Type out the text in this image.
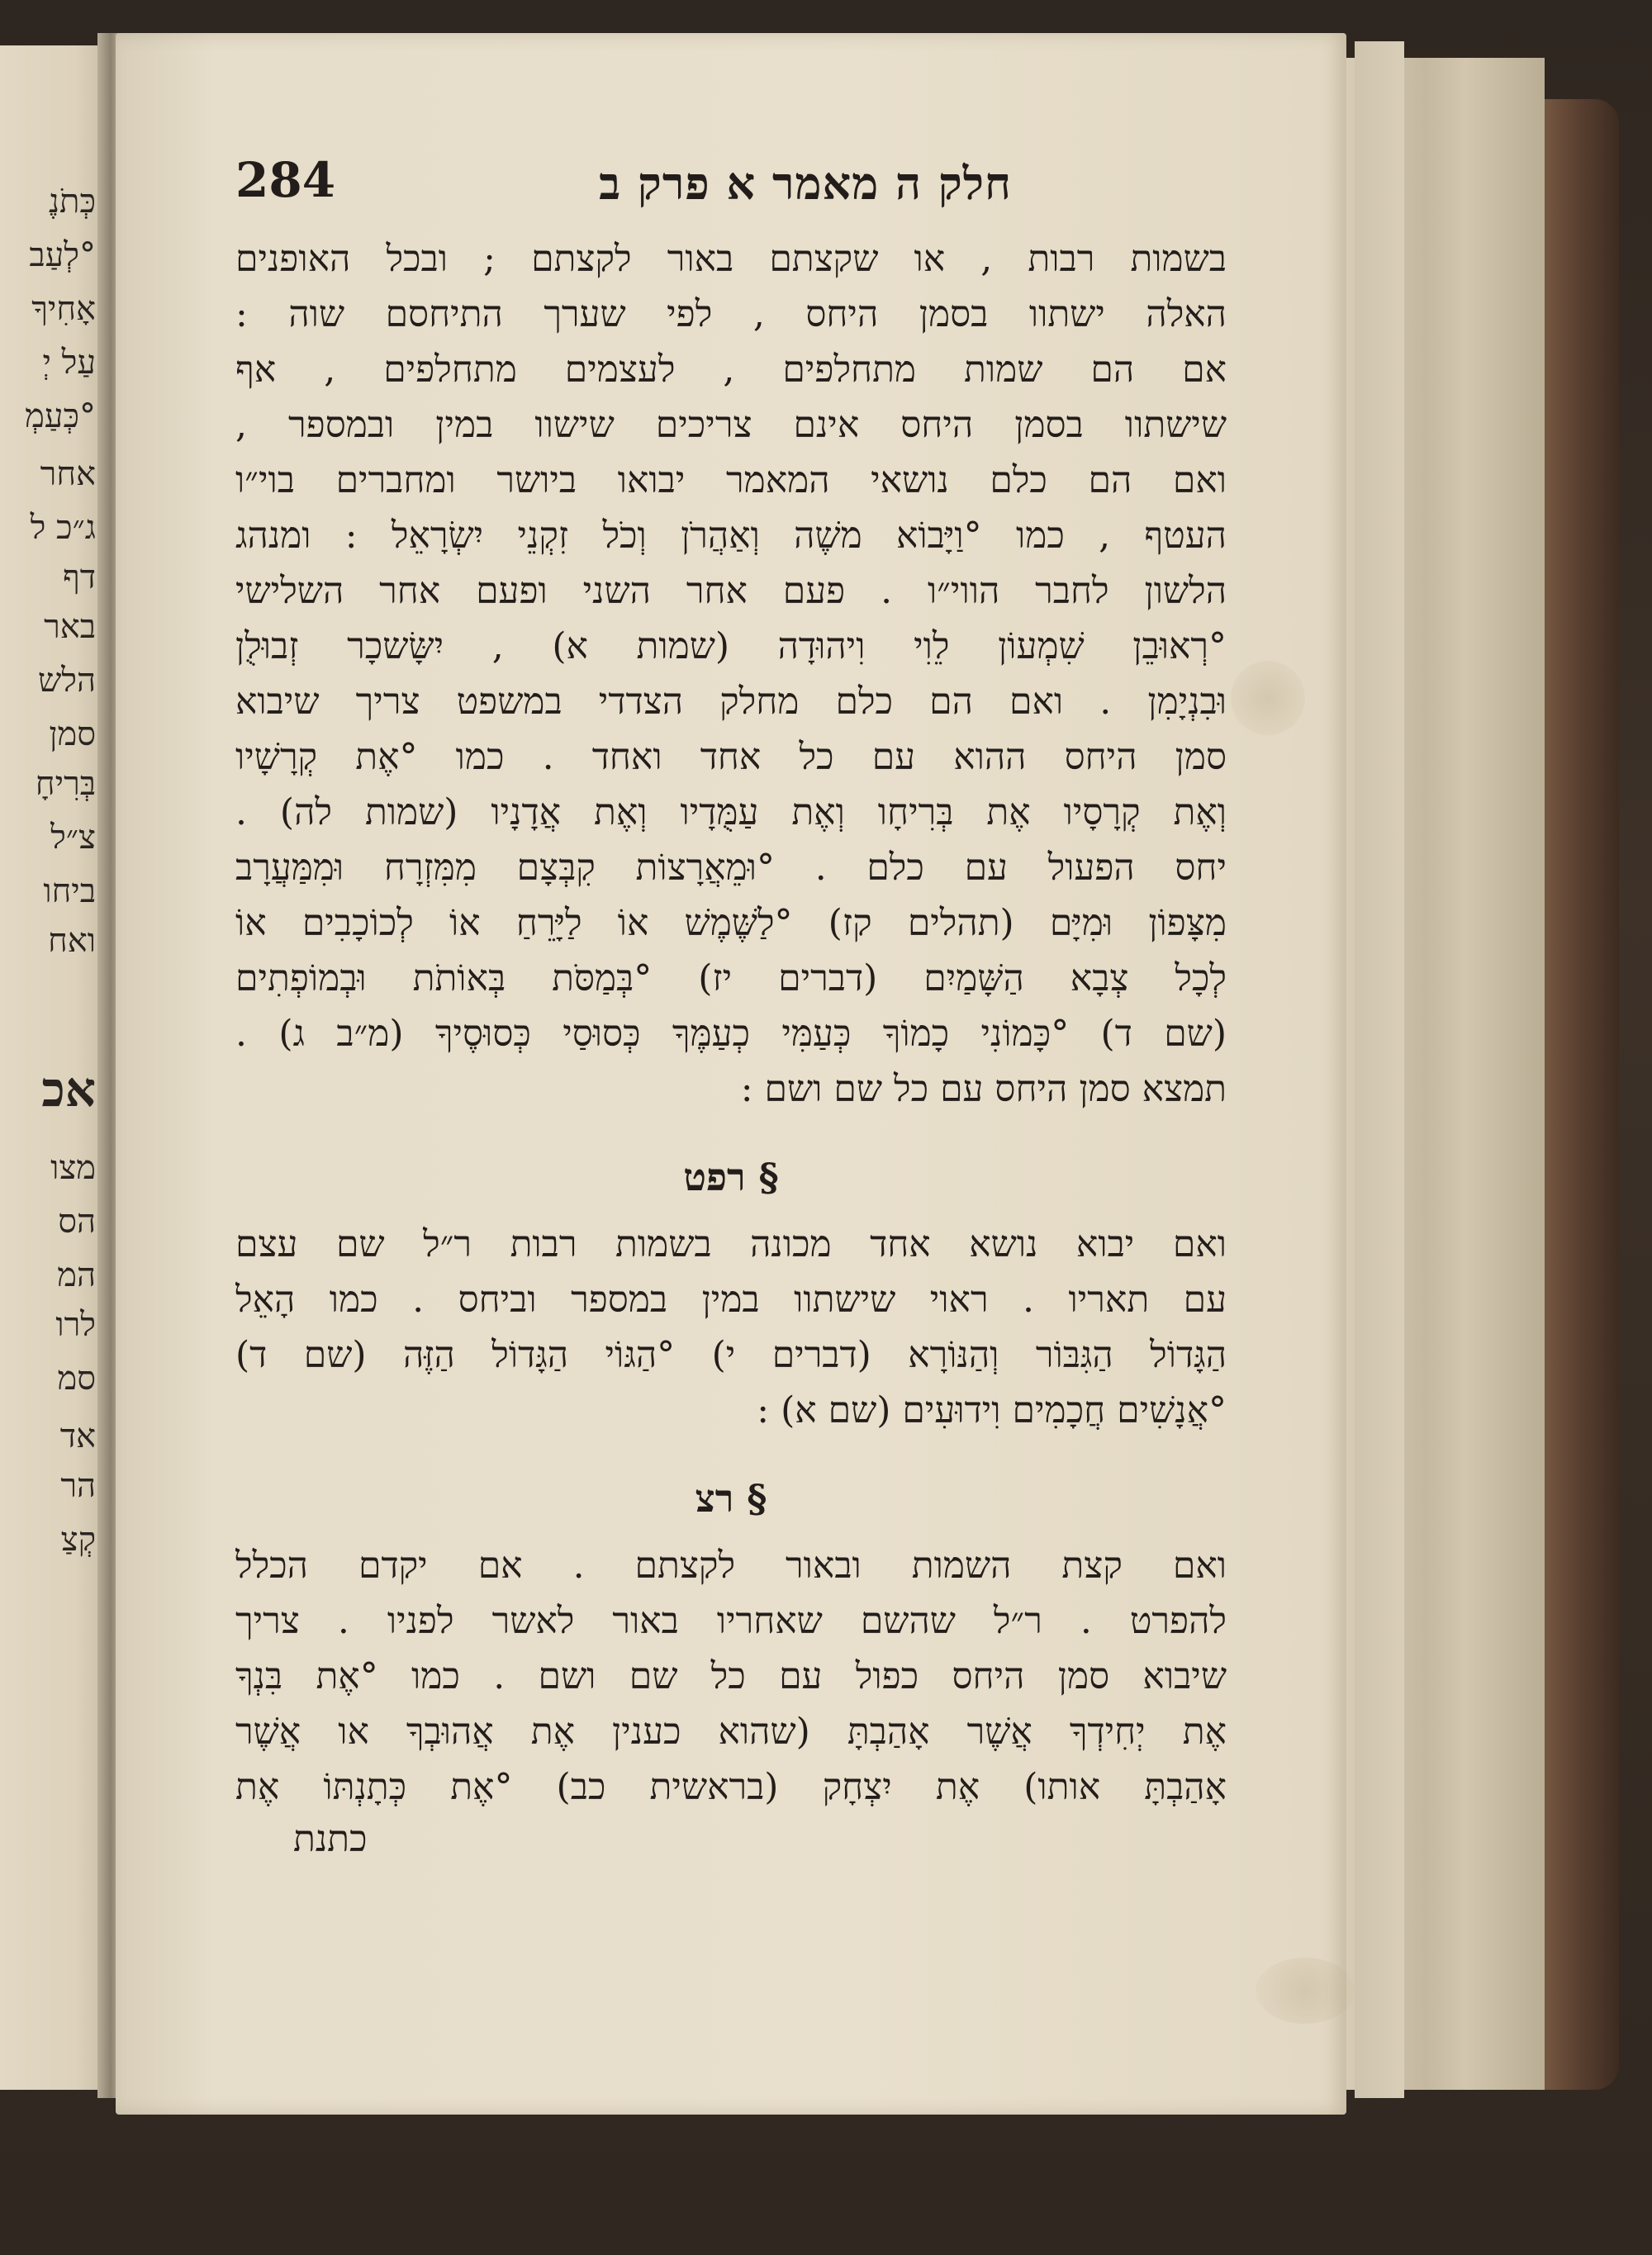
כְּתֹנֶ
°לְעַב
אָחִיךָ
עַל יְ
°כְּעַמְ
אחר
ג״כ ל
דף
באר
הלש
סמן
בְּרִיחָ
צ״ל
ביחו
ואח
אכ
מצו
הס
המ
לרו
סמ
אד
הר
קְצַ
חלק ה מאמר א פרק ב
284
בשמות רבות , או שקצתם באור לקצתם ; ובכל האופנים
האלה ישתוו בסמן היחס , לפי שערך התיחסם שוה :
אם הם שמות מתחלפים , לעצמים מתחלפים , אף
שישתוו בסמן היחס אינם צריכים שישוו במין ובמספר ,
ואם הם כלם נושאי המאמר יבואו ביושר ומחברים בוי״ו
העטף , כמו °וַיָּבוֹא משֶׁה וְאַהֲרֹן וְכֹל זִקְנֵי יִשְׂרָאֵל : ומנהג
הלשון לחבר הווי״ו . פעם אחר השני ופעם אחר השלישי
°רְאוּבֵן שִׁמְעוֹן לֵוִי וִיהוּדָה (שמות א) , יִשָּׂשכָר זְבוּלֻן
וּבִנְיָמִן . ואם הם כלם מחלק הצדדי במשפט צריך שיבוא
סמן היחס ההוא עם כל אחד ואחד . כמו °אֶת קְרָשָׁיו
וְאֶת קְרָסָיו אֶת בְּרִיחָו וְאֶת עַמֻּדָיו וְאֶת אֲדָנָיו (שמות לה) .
יחס הפעול עם כלם . °וּמֵאֲרָצוֹת קִבְּצָם מִמִּזְרָח וּמִמַּעֲרָב
מִצָּפוֹן וּמִיָּם (תהלים קז) °לַשֶּׁמֶשׁ אוֹ לַיָּרֵחַ אוֹ לְכוֹכָבִים אוֹ
לְכָל צְבָא הַשָּׁמַיִם (דברים יז) °בְּמַסֹּת בְּאוֹתֹת וּבְמוֹפְתִים
(שם ד) °כָּמוֹנִי כָמוֹךָ כְּעַמִּי כְעַמֶּךָ כְּסוּסַי כְּסוּסֶיךָ (מ״ב ג) .
תמצא סמן היחס עם כל שם ושם :
§ רפט
ואם יבוא נושא אחד מכונה בשמות רבות ר״ל שם עצם
עם תאריו . ראוי שישתוו במין במספר וביחס . כמו הָאֵל
הַגָּדוֹל הַגִּבּוֹר וְהַנּוֹרָא (דברים י) °הַגּוֹי הַגָּדוֹל הַזֶּה (שם ד)
°אֲנָשִׁים חֲכָמִים וִידוּעִים (שם א) :
§ רצ
ואם קצת השמות ובאור לקצתם . אם יקדם הכלל
להפרט . ר״ל שהשם שאחריו באור לאשר לפניו . צריך
שיבוא סמן היחס כפול עם כל שם ושם . כמו °אֶת בִּנְךָ
אֶת יְחִידְךָ אֲשֶׁר אָהַבְתָּ (שהוא כענין אֶת אֲהוּבְךָ או אֲשֶׁר
אָהַבְתָּ אותו) אֶת יִצְחָק (בראשית כב) °אֶת כְּתָנְתּוֹ אֶת
כתנת
